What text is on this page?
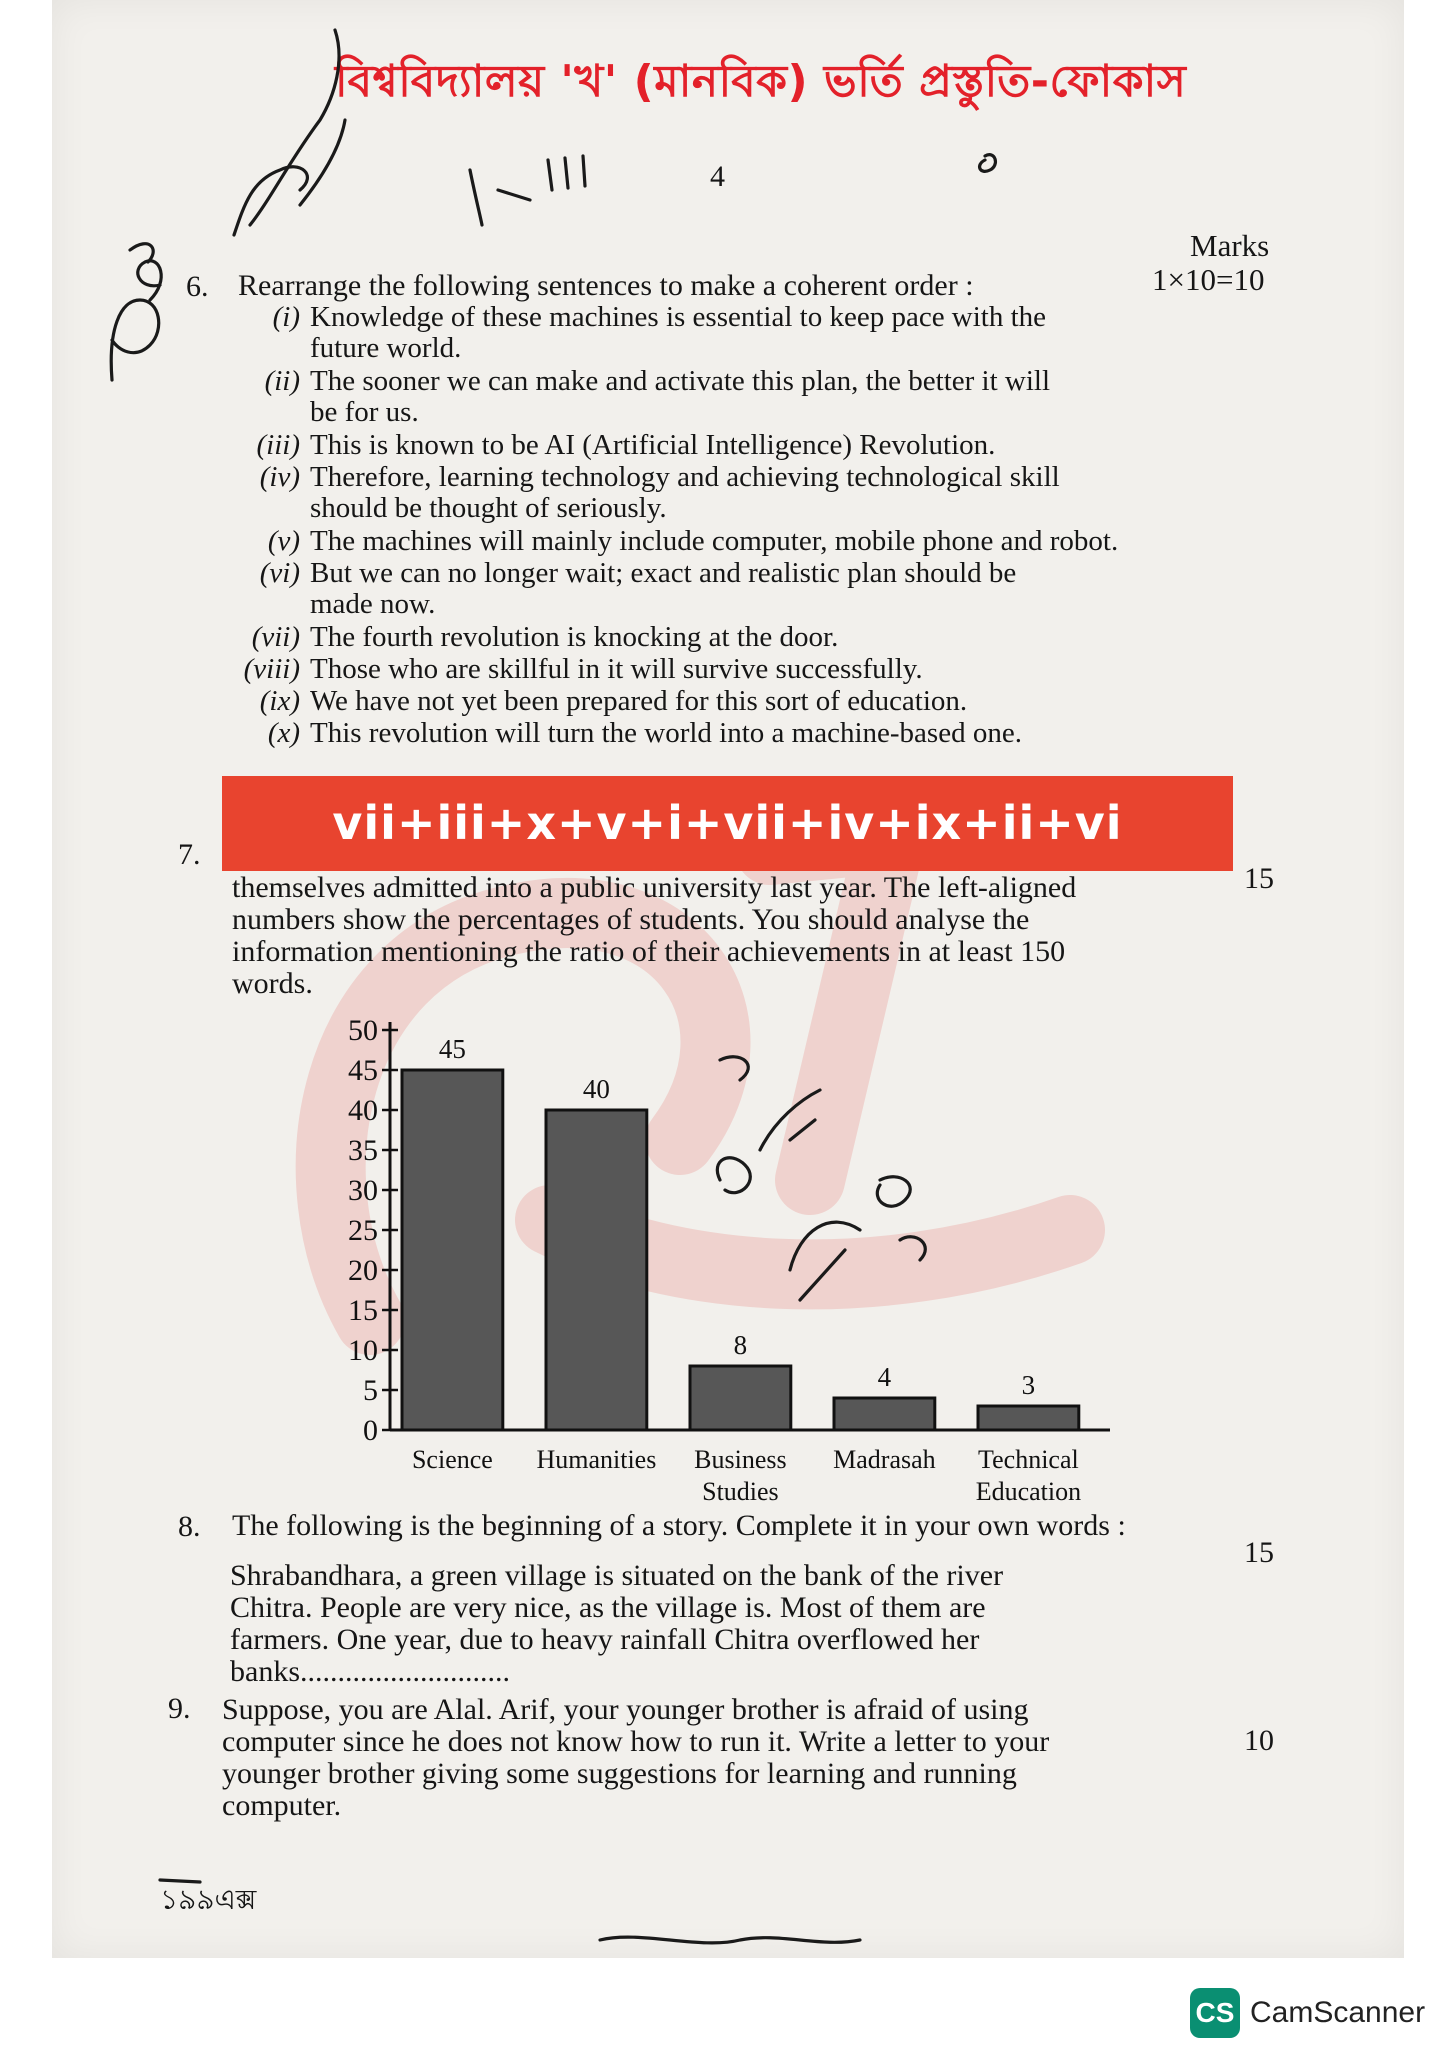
বিশ্ববিদ্যালয় 'খ' (মানবিক) ভর্তি প্রস্তুতি-ফোকাস
4
Marks
1×10=10
6. Rearrange the following sentences to make a coherent order :
(i) Knowledge of these machines is essential to keep pace with the
future world.
(ii) The sooner we can make and activate this plan, the better it will
be for us.
(iii) This is known to be AI (Artificial Intelligence) Revolution.
(iv) Therefore, learning technology and achieving technological skill
should be thought of seriously.
(v) The machines will mainly include computer, mobile phone and robot.
(vi) But we can no longer wait; exact and realistic plan should be
made now.
(vii) The fourth revolution is knocking at the door.
(viii) Those who are skillful in it will survive successfully.
(ix) We have not yet been prepared for this sort of education.
(x) This revolution will turn the world into a machine-based one.
vii+iii+x+v+i+vii+iv+ix+ii+vi
7.
15
themselves admitted into a public university last year. The left-aligned
numbers show the percentages of students. You should analyse the
information mentioning the ratio of their achievements in at least 150
words.
0
5
10
15
20
25
30
35
40
45
50
45
Science
40
Humanities
8
Business
Studies
4
Madrasah
3
Technical
Education
8. The following is the beginning of a story. Complete it in your own words :
15
Shrabandhara, a green village is situated on the bank of the river
Chitra. People are very nice, as the village is. Most of them are
farmers. One year, due to heavy rainfall Chitra overflowed her
banks............................
9.
10
Suppose, you are Alal. Arif, your younger brother is afraid of using
computer since he does not know how to run it. Write a letter to your
younger brother giving some suggestions for learning and running
computer.
১৯৯এক্স
CS CamScanner
